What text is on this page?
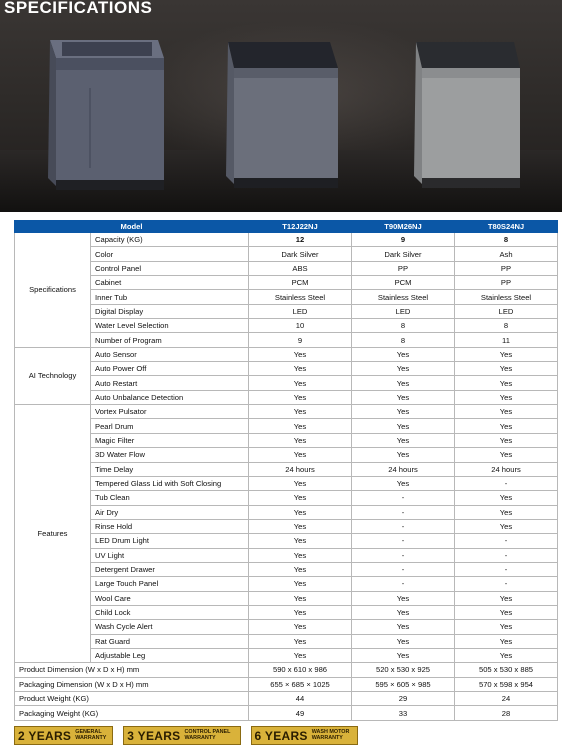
SPECIFICATIONS
Model		T12J22NJ	T90M26NJ	T80S24NJ
Specifications	Capacity (KG)	12	9	8
	Color	Dark Silver	Dark Silver	Ash
	Control Panel	ABS	PP	PP
	Cabinet	PCM	PCM	PP
	Inner Tub	Stainless Steel	Stainless Steel	Stainless Steel
	Digital Display	LED	LED	LED
	Water Level Selection	10	8	8
	Number of Program	9	8	11
AI Technology	Auto Sensor	Yes	Yes	Yes
	Auto Power Off	Yes	Yes	Yes
	Auto Restart	Yes	Yes	Yes
	Auto Unbalance Detection	Yes	Yes	Yes
Features	Vortex Pulsator	Yes	Yes	Yes
	Pearl Drum	Yes	Yes	Yes
	Magic Filter	Yes	Yes	Yes
	3D Water Flow	Yes	Yes	Yes
	Time Delay	24 hours	24 hours	24 hours
	Tempered Glass Lid with Soft Closing	Yes	Yes	-
	Tub Clean	Yes	-	Yes
	Air Dry	Yes	-	Yes
	Rinse Hold	Yes	-	Yes
	LED Drum Light	Yes	-	-
	UV Light	Yes	-	-
	Detergent Drawer	Yes	-	-
	Large Touch Panel	Yes	-	-
	Wool Care	Yes	Yes	Yes
	Child Lock	Yes	Yes	Yes
	Wash Cycle Alert	Yes	Yes	Yes
	Rat Guard	Yes	Yes	Yes
	Adjustable Leg	Yes	Yes	Yes
Product Dimension (W x D x H) mm		590 x 610 x 986	520 x 530 x 925	505 x 530 x 885
Packaging Dimension (W x D x H) mm		655 × 685 × 1025	595 × 605 × 985	570 x 598 x 954
Product Weight (KG)		44	29	24
Packaging Weight (KG)		49	33	28
2 YEARS GENERAL WARRANTY 3 YEARS CONTROL PANEL WARRANTY	6 YEARS WASH MOTOR WARRANTY
